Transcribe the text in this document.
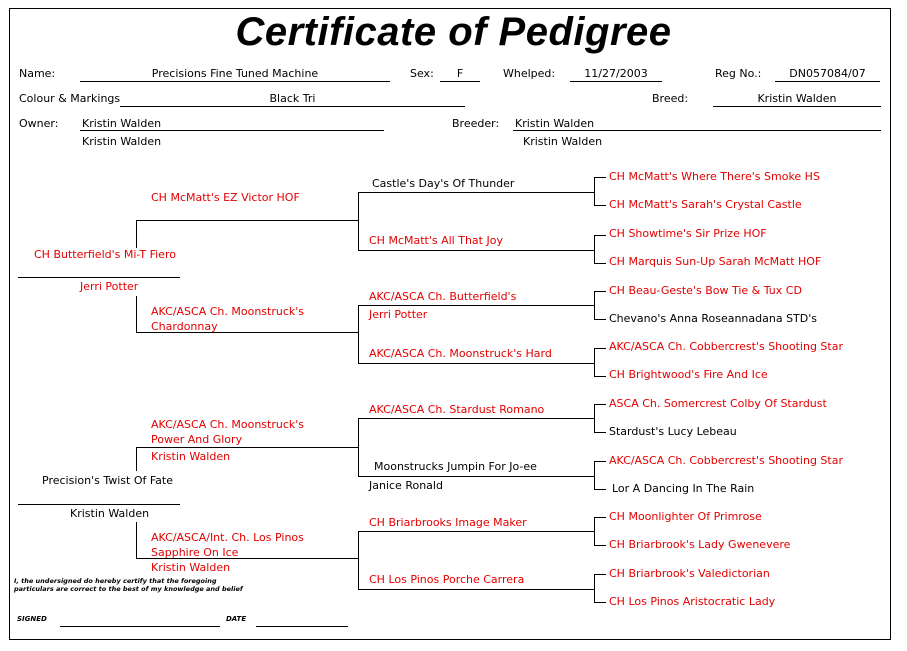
Certificate of Pedigree
Name:	Precisions Fine Tuned Machine	Sex:	F	Whelped:	11/27/2003	Reg No.:	DN057084/07
Colour & Markings	Black Tri	Breed:	Kristin Walden
Owner: Kristin Walden
Kristin Walden
Breeder: Kristin Walden
Kristin Walden
CH Butterfield's Mi-T Fiero
Jerri Potter
Precision's Twist Of Fate
Kristin Walden
CH McMatt's EZ Victor HOF
AKC/ASCA Ch. Moonstruck's
Chardonnay
AKC/ASCA Ch. Moonstruck's
Power And Glory
Kristin Walden
AKC/ASCA/Int. Ch. Los Pinos
Sapphire On Ice
Kristin Walden
Castle's Day's Of Thunder
CH McMatt's All That Joy
AKC/ASCA Ch. Butterfield's
Jerri Potter
AKC/ASCA Ch. Moonstruck's Hard
AKC/ASCA Ch. Stardust Romano
Moonstrucks Jumpin For Jo-ee
Janice Ronald
CH Briarbrooks Image Maker
CH Los Pinos Porche Carrera
CH McMatt's Where There's Smoke HS
CH McMatt's Sarah's Crystal Castle
CH Showtime's Sir Prize HOF
CH Marquis Sun-Up Sarah McMatt HOF
CH Beau-Geste's Bow Tie & Tux CD
Chevano's Anna Roseannadana STD's
AKC/ASCA Ch. Cobbercrest's Shooting Star
CH Brightwood's Fire And Ice
ASCA Ch. Somercrest Colby Of Stardust
Stardust's Lucy Lebeau
AKC/ASCA Ch. Cobbercrest's Shooting Star
Lor A Dancing In The Rain
CH Moonlighter Of Primrose
CH Briarbrook's Lady Gwenevere
CH Briarbrook's Valedictorian
CH Los Pinos Aristocratic Lady
I, the undersigned do hereby certify that the foregoing
particulars are correct to the best of my knowledge and belief
SIGNED	DATE
